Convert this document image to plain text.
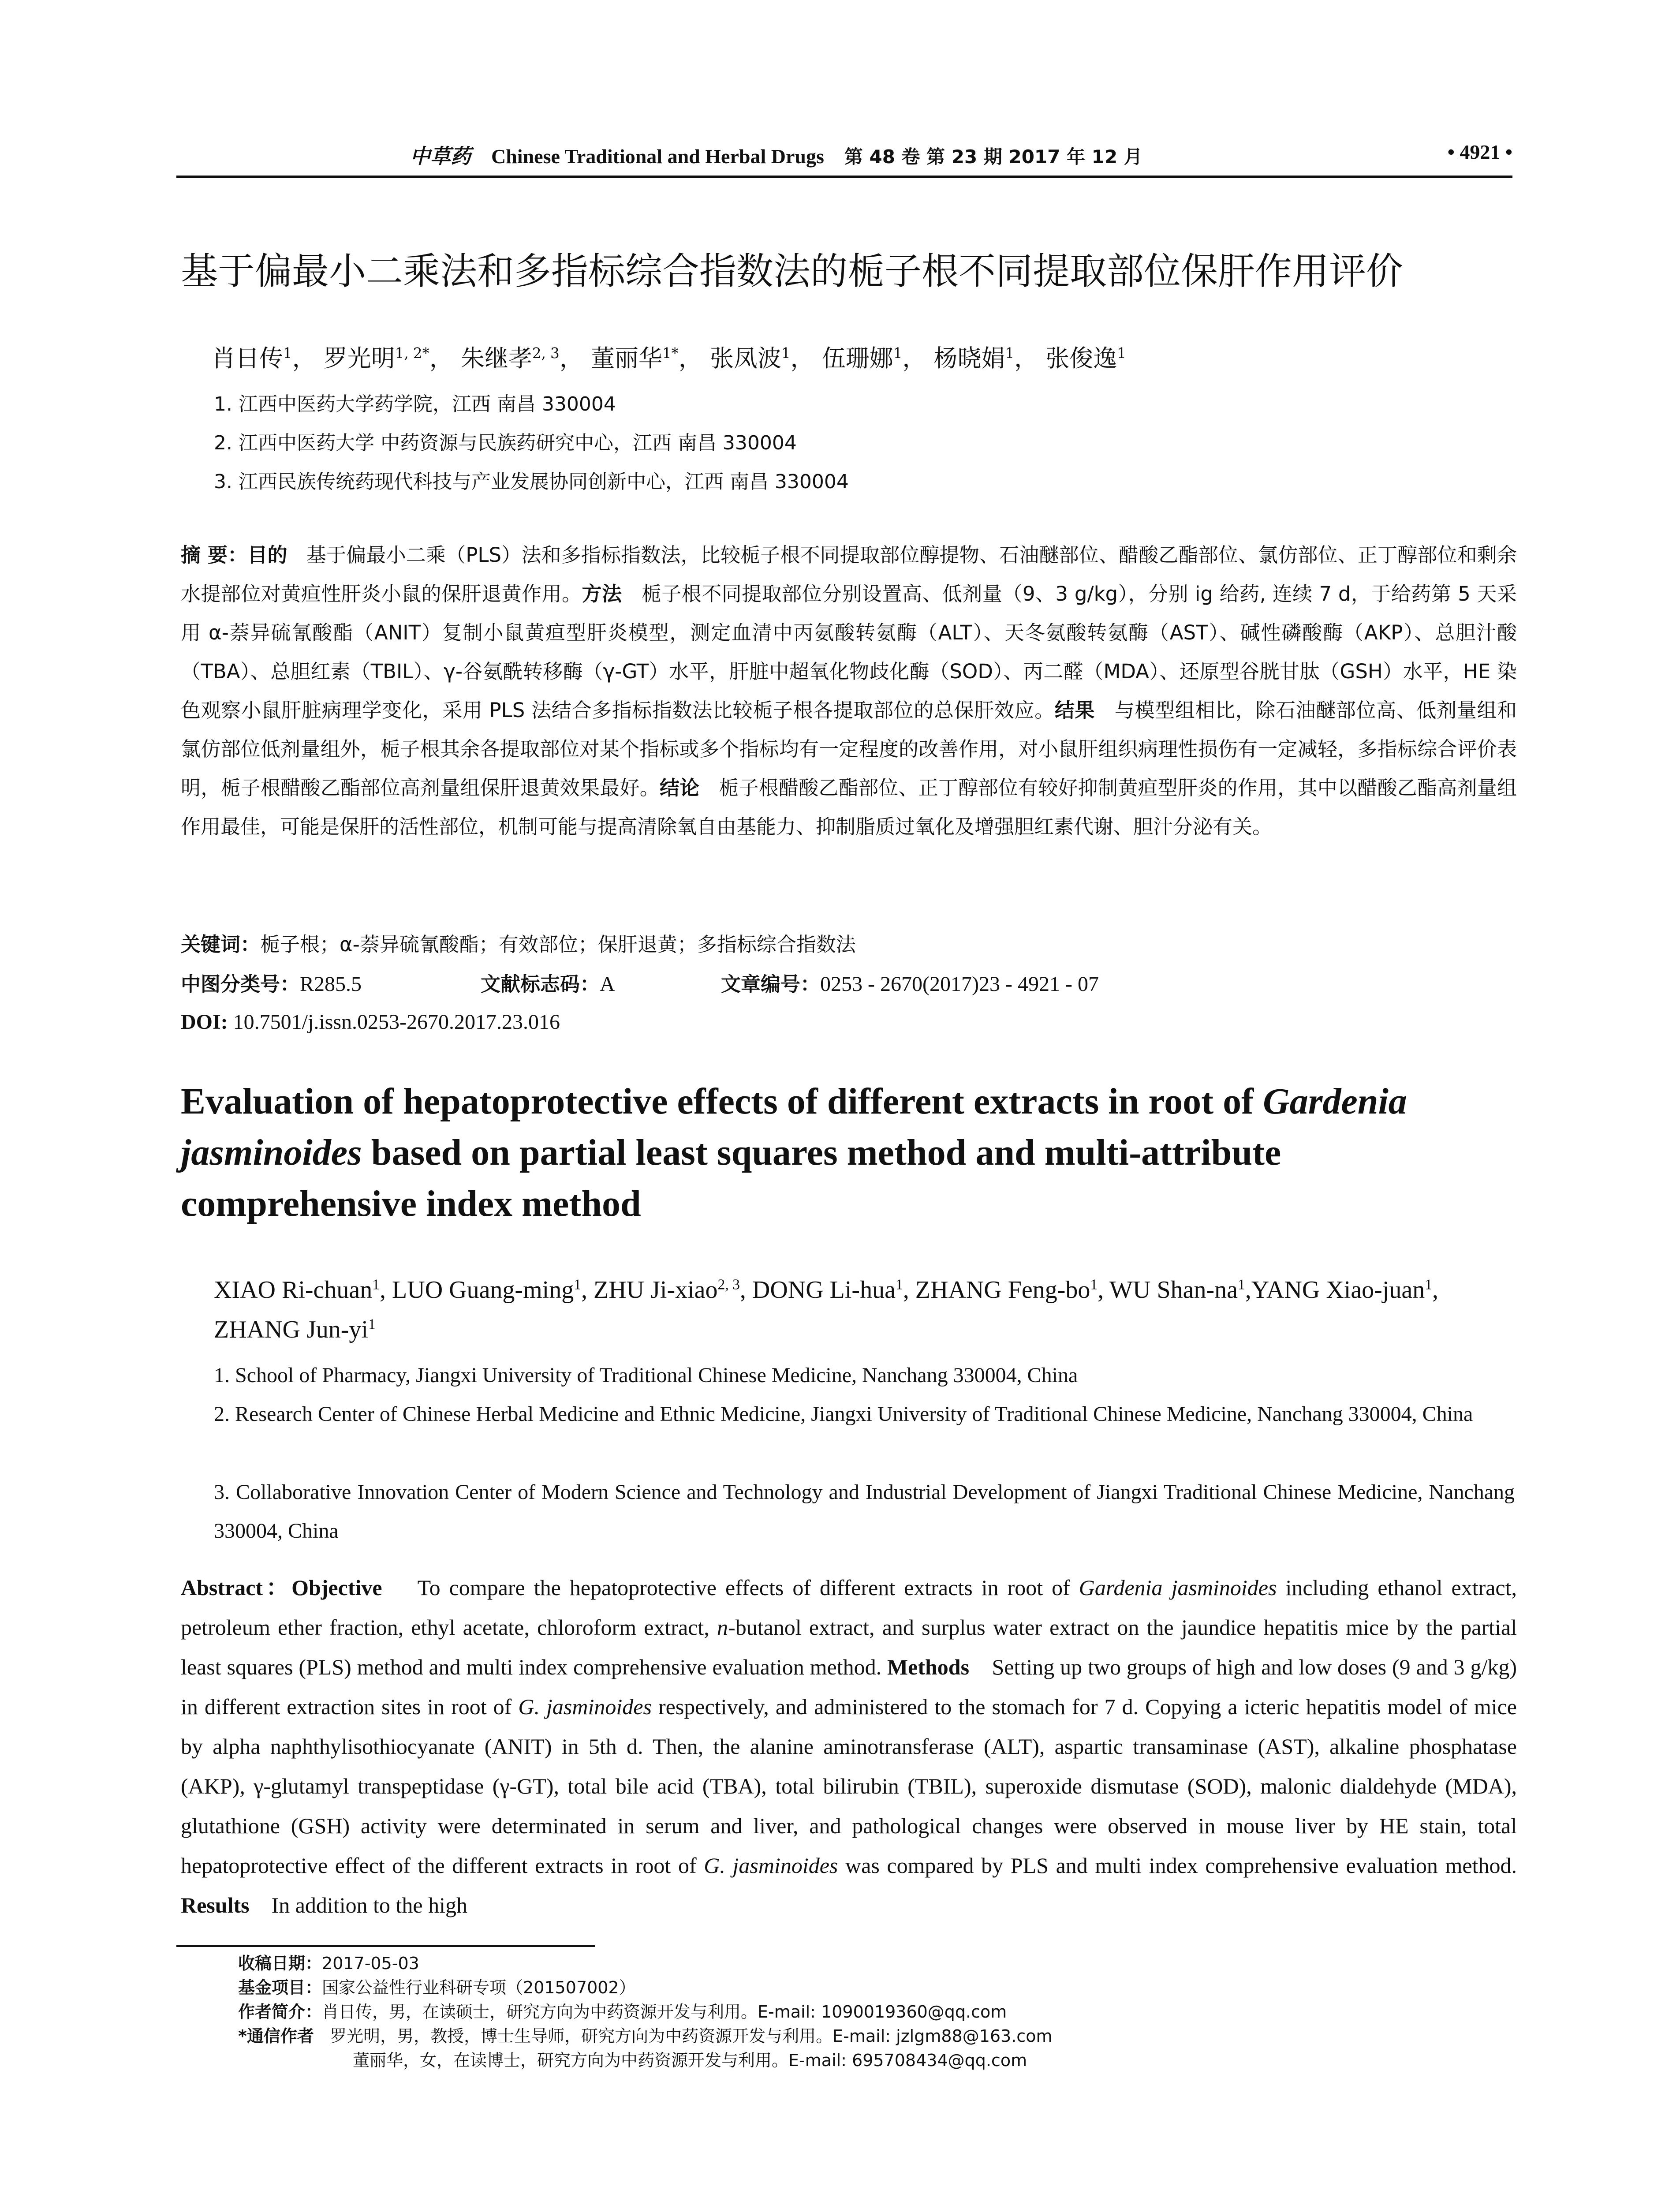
中草药 Chinese Traditional and Herbal Drugs 第 48 卷 第 23 期 2017 年 12 月	• 4921 •
基于偏最小二乘法和多指标综合指数法的栀子根不同提取部位保肝作用评价
肖日传$^1$， 罗光明$^{1, 2*}$， 朱继孝$^{2, 3}$， 董丽华$^{1*}$， 张凤波$^1$， 伍珊娜$^1$， 杨晓娟$^1$， 张俊逸$^1$
1. 江西中医药大学药学院，江西 南昌 330004
2. 江西中医药大学 中药资源与民族药研究中心，江西 南昌 330004
3. 江西民族传统药现代科技与产业发展协同创新中心，江西 南昌 330004
摘 要：目的 基于偏最小二乘（PLS）法和多指标指数法，比较栀子根不同提取部位醇提物、石油醚部位、醋酸乙酯部位、氯仿部位、正丁醇部位和剩余水提部位对黄疸性肝炎小鼠的保肝退黄作用。方法 栀子根不同提取部位分别设置高、低剂量（9、3 g/kg），分别 ig 给药, 连续 7 d，于给药第 5 天采用 α-萘异硫氰酸酯（ANIT）复制小鼠黄疸型肝炎模型，测定血清中丙氨酸转氨酶（ALT）、天冬氨酸转氨酶（AST）、碱性磷酸酶（AKP）、总胆汁酸（TBA）、总胆红素（TBIL）、γ-谷氨酰转移酶（γ-GT）水平，肝脏中超氧化物歧化酶（SOD）、丙二醛（MDA）、还原型谷胱甘肽（GSH）水平，HE 染色观察小鼠肝脏病理学变化，采用 PLS 法结合多指标指数法比较栀子根各提取部位的总保肝效应。结果 与模型组相比，除石油醚部位高、低剂量组和氯仿部位低剂量组外，栀子根其余各提取部位对某个指标或多个指标均有一定程度的改善作用，对小鼠肝组织病理性损伤有一定减轻，多指标综合评价表明，栀子根醋酸乙酯部位高剂量组保肝退黄效果最好。结论 栀子根醋酸乙酯部位、正丁醇部位有较好抑制黄疸型肝炎的作用，其中以醋酸乙酯高剂量组作用最佳，可能是保肝的活性部位，机制可能与提高清除氧自由基能力、抑制脂质过氧化及增强胆红素代谢、胆汁分泌有关。
关键词：栀子根；α-萘异硫氰酸酯；有效部位；保肝退黄；多指标综合指数法
中图分类号：R285.5	文献标志码：A	文章编号：0253 - 2670(2017)23 - 4921 - 07
DOI: 10.7501/j.issn.0253-2670.2017.23.016
Evaluation of hepatoprotective effects of different extracts in root of Gardenia jasminoides based on partial least squares method and multi-attribute comprehensive index method
XIAO Ri-chuan$^1$, LUO Guang-ming$^1$, ZHU Ji-xiao$^{2, 3}$, DONG Li-hua$^1$, ZHANG Feng-$bo^1$, WU Shan-$na^1,YANG$ Xiao-juan$^1$, ZHANG Jun-$yi^1$
1. School of Pharmacy, Jiangxi University of Traditional Chinese Medicine, Nanchang 330004, China
2. Research Center of Chinese Herbal Medicine and Ethnic Medicine, Jiangxi University of Traditional Chinese Medicine, Nanchang 330004, China
3. Collaborative Innovation Center of Modern Science and Technology and Industrial Development of Jiangxi Traditional Chinese Medicine, Nanchang 330004, China
Abstract：Objective To compare the hepatoprotective effects of different extracts in root of Gardenia jasminoides including ethanol extract, petroleum ether fraction, ethyl acetate, chloroform extract, n-butanol extract, and surplus water extract on the jaundice hepatitis mice by the partial least squares (PLS) method and multi index comprehensive evaluation method. Methods Setting up two groups of high and low doses (9 and 3 g/kg) in different extraction sites in root of G. jasminoides respectively, and administered to the stomach for 7 d. Copying a icteric hepatitis model of mice by alpha naphthylisothiocyanate (ANIT) in 5th d. Then, the alanine aminotransferase (ALT), aspartic transaminase (AST), alkaline phosphatase (AKP), γ-glutamyl transpeptidase (γ-GT), total bile acid (TBA), total bilirubin (TBIL), superoxide dismutase (SOD), malonic dialdehyde (MDA), glutathione (GSH) activity were determinated in serum and liver, and pathological changes were observed in mouse liver by HE stain, total hepatoprotective effect of the different extracts in root of G. jasminoides was compared by PLS and multi index comprehensive evaluation method. Results In addition to the high
收稿日期：2017-05-03
基金项目：国家公益性行业科研专项（201507002）
作者简介：肖日传，男，在读硕士，研究方向为中药资源开发与利用。E-mail: 1090019360@qq.com
*通信作者 罗光明，男，教授，博士生导师，研究方向为中药资源开发与利用。E-mail: jzlgm88@163.com
董丽华，女，在读博士，研究方向为中药资源开发与利用。E-mail: 695708434@qq.com
